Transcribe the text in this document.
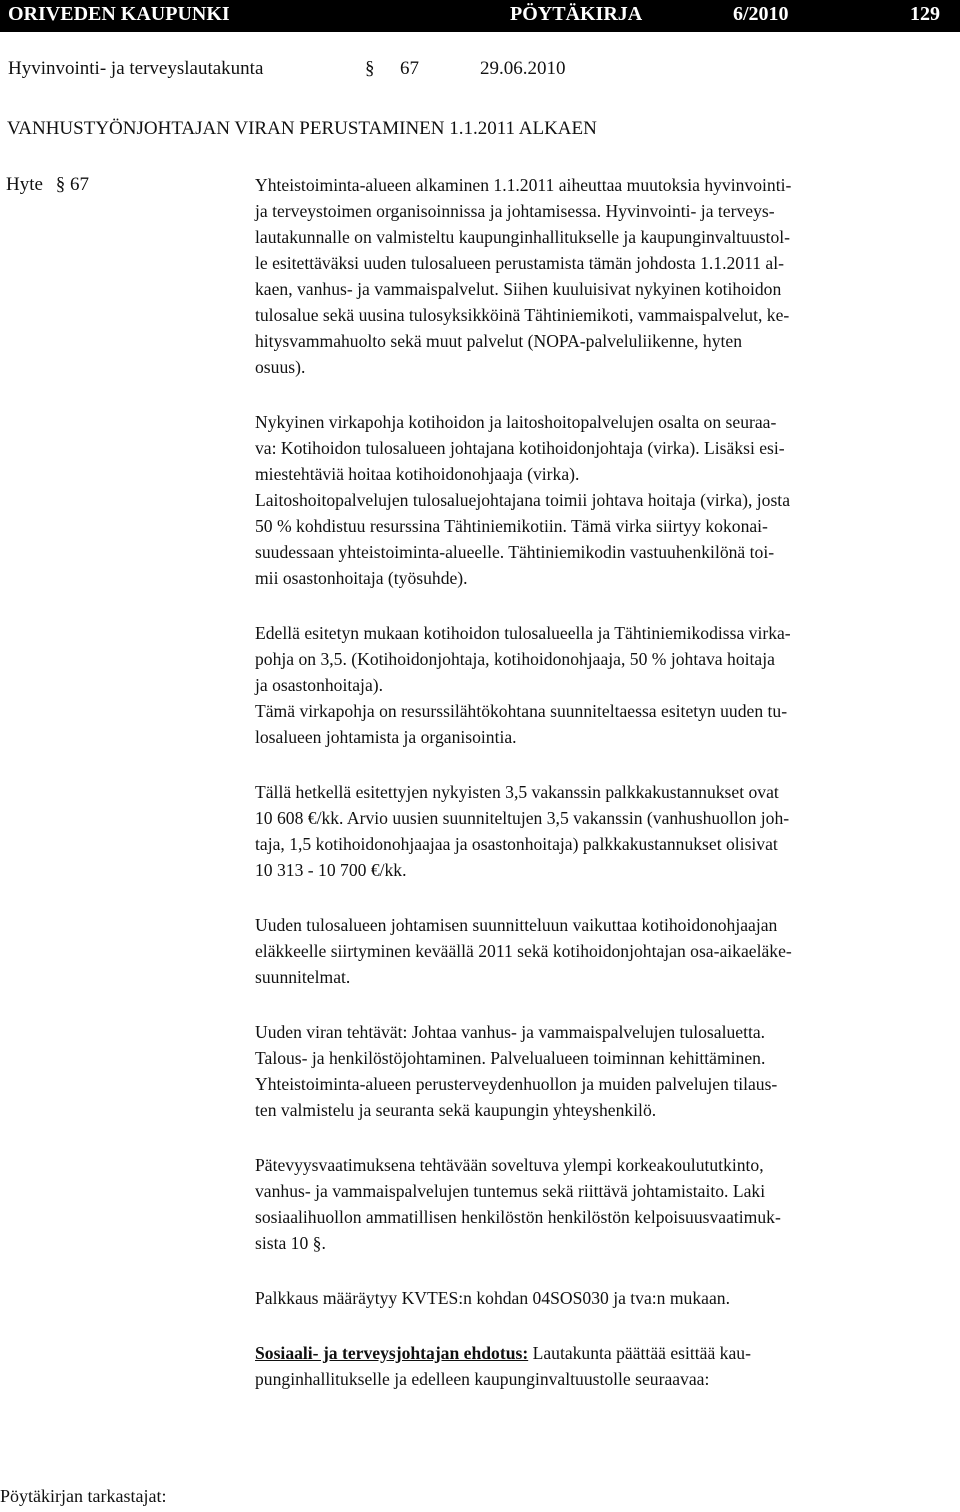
ORIVEDEN KAUPUNKI	PÖYTÄKIRJA	6/2010	129
Hyvinvointi- ja terveyslautakunta	§ 67	29.06.2010
VANHUSTYÖNJOHTAJAN VIRAN PERUSTAMINEN 1.1.2011 ALKAEN
Hyte § 67	Yhteistoiminta-alueen alkaminen 1.1.2011 aiheuttaa muutoksia hyvinvointi-
ja terveystoimen organisoinnissa ja johtamisessa. Hyvinvointi- ja terveys-
lautakunnalle on valmisteltu kaupunginhallitukselle ja kaupunginvaltuustol-
le esitettäväksi uuden tulosalueen perustamista tämän johdosta 1.1.2011 al-
kaen, vanhus- ja vammaispalvelut. Siihen kuuluisivat nykyinen kotihoidon
tulosalue sekä uusina tulosyksikköinä Tähtiniemikoti, vammaispalvelut, ke-
hitysvammahuolto sekä muut palvelut (NOPA-palveluliikenne, hyten
osuus).

Nykyinen virkapohja kotihoidon ja laitoshoitopalvelujen osalta on seuraa-
va: Kotihoidon tulosalueen johtajana kotihoidonjohtaja (virka). Lisäksi esi-
miestehtäviä hoitaa kotihoidonohjaaja (virka).
Laitoshoitopalvelujen tulosaluejohtajana toimii johtava hoitaja (virka), josta
50 % kohdistuu resurssina Tähtiniemikotiin. Tämä virka siirtyy kokonai-
suudessaan yhteistoiminta-alueelle. Tähtiniemikodin vastuuhenkilönä toi-
mii osastonhoitaja (työsuhde).

Edellä esitetyn mukaan kotihoidon tulosalueella ja Tähtiniemikodissa virka-
pohja on 3,5. (Kotihoidonjohtaja, kotihoidonohjaaja, 50 % johtava hoitaja
ja osastonhoitaja).
Tämä virkapohja on resurssilähtökohtana suunniteltaessa esitetyn uuden tu-
losalueen johtamista ja organisointia.

Tällä hetkellä esitettyjen nykyisten 3,5 vakanssin palkkakustannukset ovat
10 608 €/kk. Arvio uusien suunniteltujen 3,5 vakanssin (vanhushuollon joh-
taja, 1,5 kotihoidonohjaajaa ja osastonhoitaja) palkkakustannukset olisivat
10 313 - 10 700 €/kk.

Uuden tulosalueen johtamisen suunnitteluun vaikuttaa kotihoidonohjaajan
eläkkeelle siirtyminen keväällä 2011 sekä kotihoidonjohtajan osa-aikaeläke-
suunnitelmat.

Uuden viran tehtävät: Johtaa vanhus- ja vammaispalvelujen tulosaluetta.
Talous- ja henkilöstöjohtaminen. Palvelualueen toiminnan kehittäminen.
Yhteistoiminta-alueen perusterveydenhuollon ja muiden palvelujen tilaus-
ten valmistelu ja seuranta sekä kaupungin yhteyshenkilö.

Pätevyysvaatimuksena tehtävään soveltuva ylempi korkeakoulututkinto,
vanhus- ja vammaispalvelujen tuntemus sekä riittävä johtamistaito. Laki
sosiaalihuollon ammatillisen henkilöstön henkilöstön kelpoisuusvaatimuk-
sista 10 §.

Palkkaus määräytyy KVTES:n kohdan 04SOS030 ja tva:n mukaan.

Sosiaali- ja terveysjohtajan ehdotus: Lautakunta päättää esittää kau-
punginhallitukselle ja edelleen kaupunginvaltuustolle seuraavaa:

Pöytäkirjan tarkastajat:
